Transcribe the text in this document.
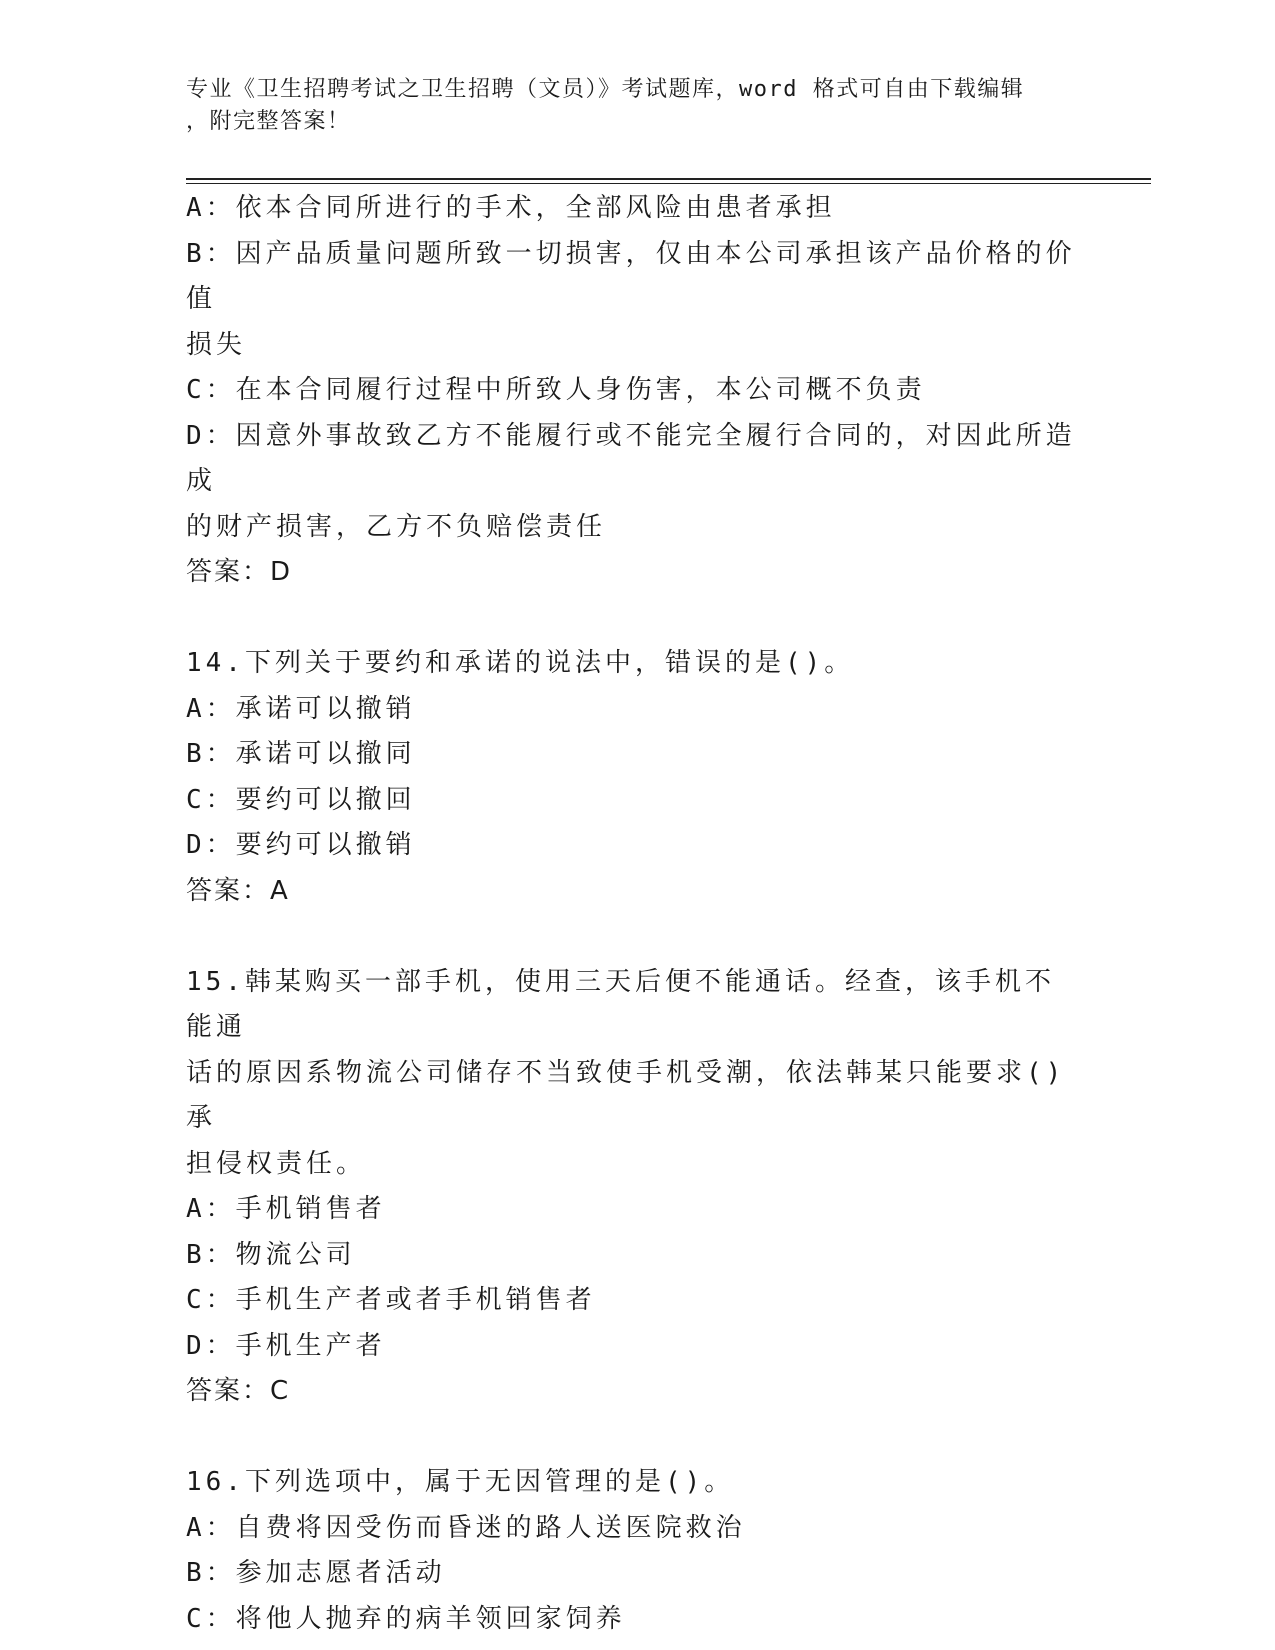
专业《卫生招聘考试之卫生招聘（文员）》考试题库，word 格式可自由下载编辑
，附完整答案！
A：依本合同所进行的手术，全部风险由患者承担
B：因产品质量问题所致一切损害，仅由本公司承担该产品价格的价值
损失
C：在本合同履行过程中所致人身伤害，本公司概不负责
D：因意外事故致乙方不能履行或不能完全履行合同的，对因此所造成
的财产损害，乙方不负赔偿责任
答案：D
14.下列关于要约和承诺的说法中，错误的是()。
A：承诺可以撤销
B：承诺可以撤同
C：要约可以撤回
D：要约可以撤销
答案：A
15.韩某购买一部手机，使用三天后便不能通话。经查，该手机不能通
话的原因系物流公司储存不当致使手机受潮，依法韩某只能要求()承
担侵权责任。
A：手机销售者
B：物流公司
C：手机生产者或者手机销售者
D：手机生产者
答案：C
16.下列选项中，属于无因管理的是()。
A：自费将因受伤而昏迷的路人送医院救治
B：参加志愿者活动
C：将他人抛弃的病羊领回家饲养
